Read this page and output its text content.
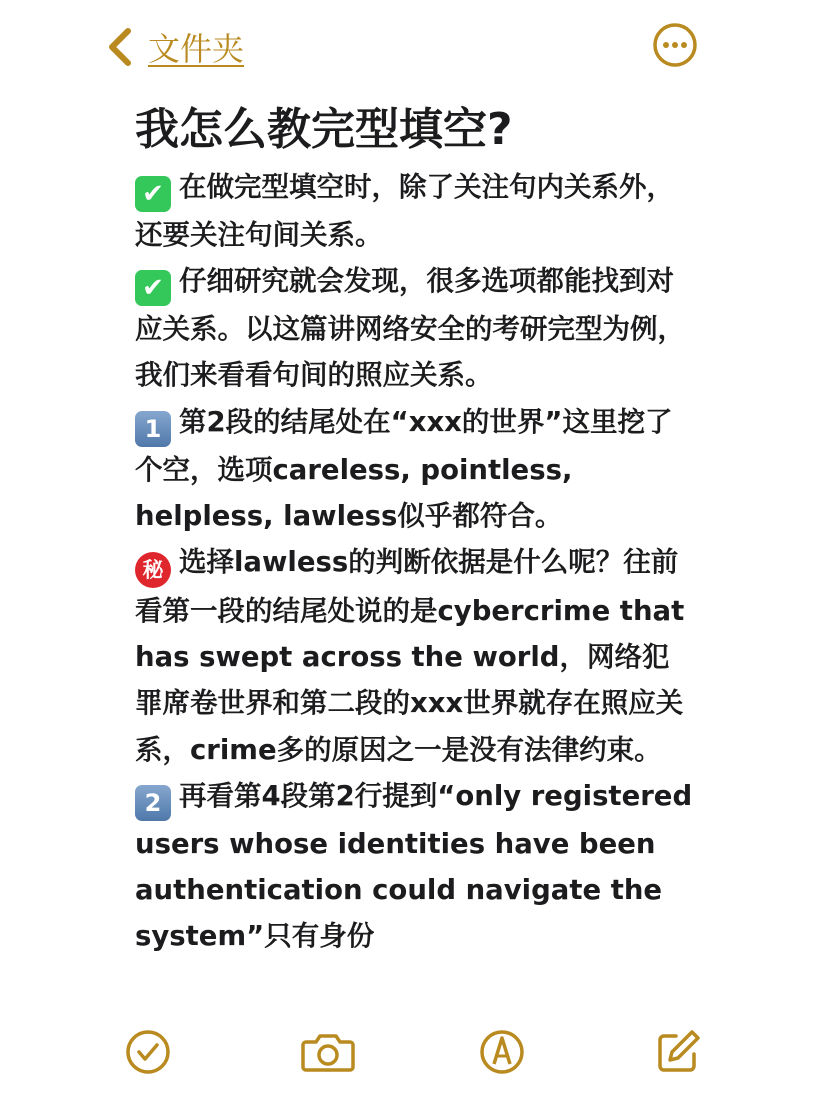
文件夹
我怎么教完型填空?

✔ 在做完型填空时，除了关注句内关系外，还要关注句间关系。

✔ 仔细研究就会发现，很多选项都能找到对应关系。以这篇讲网络安全的考研完型为例，我们来看看句间的照应关系。

1 第2段的结尾处在“xxx的世界”这里挖了个空，选项careless, pointless, helpless, lawless似乎都符合。

秘 选择lawless的判断依据是什么呢？往前看第一段的结尾处说的是cybercrime that has swept across the world，网络犯罪席卷世界和第二段的xxx世界就存在照应关系，crime多的原因之一是没有法律约束。

2 再看第4段第2行提到“only registered users whose identities have been authentication could navigate the system”只有身份
